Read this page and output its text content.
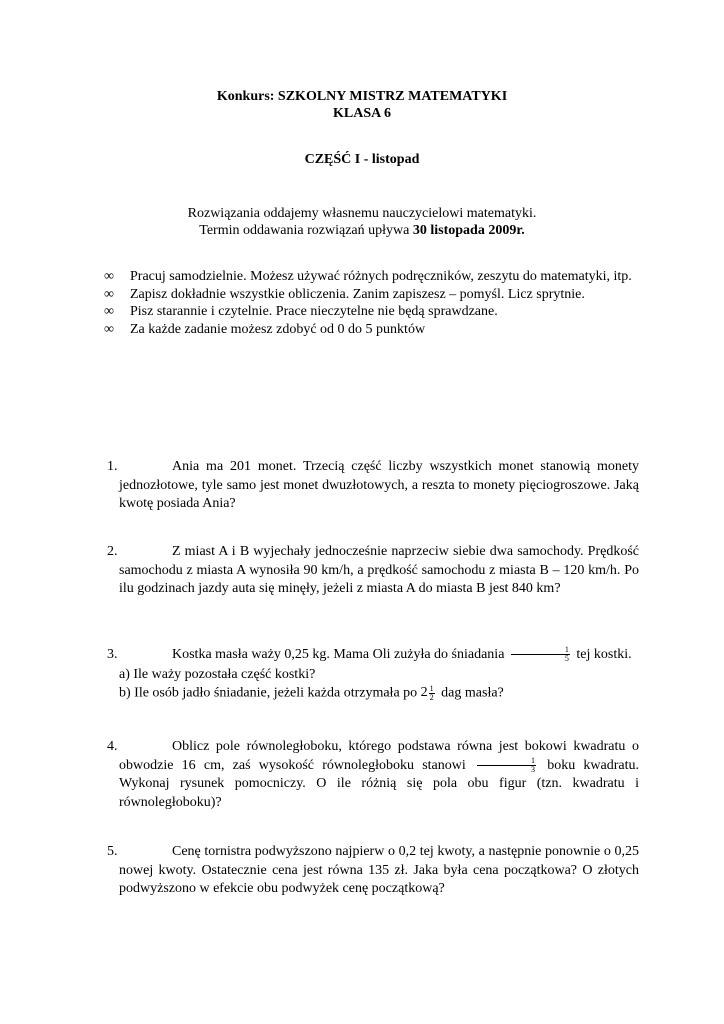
Konkurs: SZKOLNY MISTRZ MATEMATYKI
KLASA 6
CZĘŚĆ I - listopad
Rozwiązania oddajemy własnemu nauczycielowi matematyki.
Termin oddawania rozwiązań upływa 30 listopada 2009r.
∞	Pracuj samodzielnie. Możesz używać różnych podręczników, zeszytu do matematyki, itp.
∞	Zapisz dokładnie wszystkie obliczenia. Zanim zapiszesz – pomyśl. Licz sprytnie.
∞	Pisz starannie i czytelnie. Prace nieczytelne nie będą sprawdzane.
∞	Za każde zadanie możesz zdobyć od 0 do 5 punktów
1.	Ania ma 201 monet. Trzecią część liczby wszystkich monet stanowią monety jednozłotowe, tyle samo jest monet dwuzłotowych, a reszta to monety pięciogroszowe. Jaką kwotę posiada Ania?
2.	Z miast A i B wyjechały jednocześnie naprzeciw siebie dwa samochody. Prędkość samochodu z miasta A wynosiła 90 km/h, a prędkość samochodu z miasta B – 120 km/h. Po ilu godzinach jazdy auta się minęły, jeżeli z miasta A do miasta B jest 840 km?
3.	Kostka masła waży 0,25 kg. Mama Oli zużyła do śniadania $\frac{1}{5}$ tej kostki.
a) Ile waży pozostała część kostki?
b) Ile osób jadło śniadanie, jeżeli każda otrzymała po $2 \frac{1}{2}$ dag masła?
4.	Oblicz pole równoległoboku, którego podstawa równa jest bokowi kwadratu o obwodzie 16 cm, zaś wysokość równoległoboku stanowi $\frac{1}{3}$ boku kwadratu. Wykonaj rysunek pomocniczy. O ile różnią się pola obu figur (tzn. kwadratu i równoległoboku)?
5.	Cenę tornistra podwyższono najpierw o 0,2 tej kwoty, a następnie ponownie o 0,25 nowej kwoty. Ostatecznie cena jest równa 135 zł. Jaka była cena początkowa? O złotych podwyższono w efekcie obu podwyżek cenę początkową?
